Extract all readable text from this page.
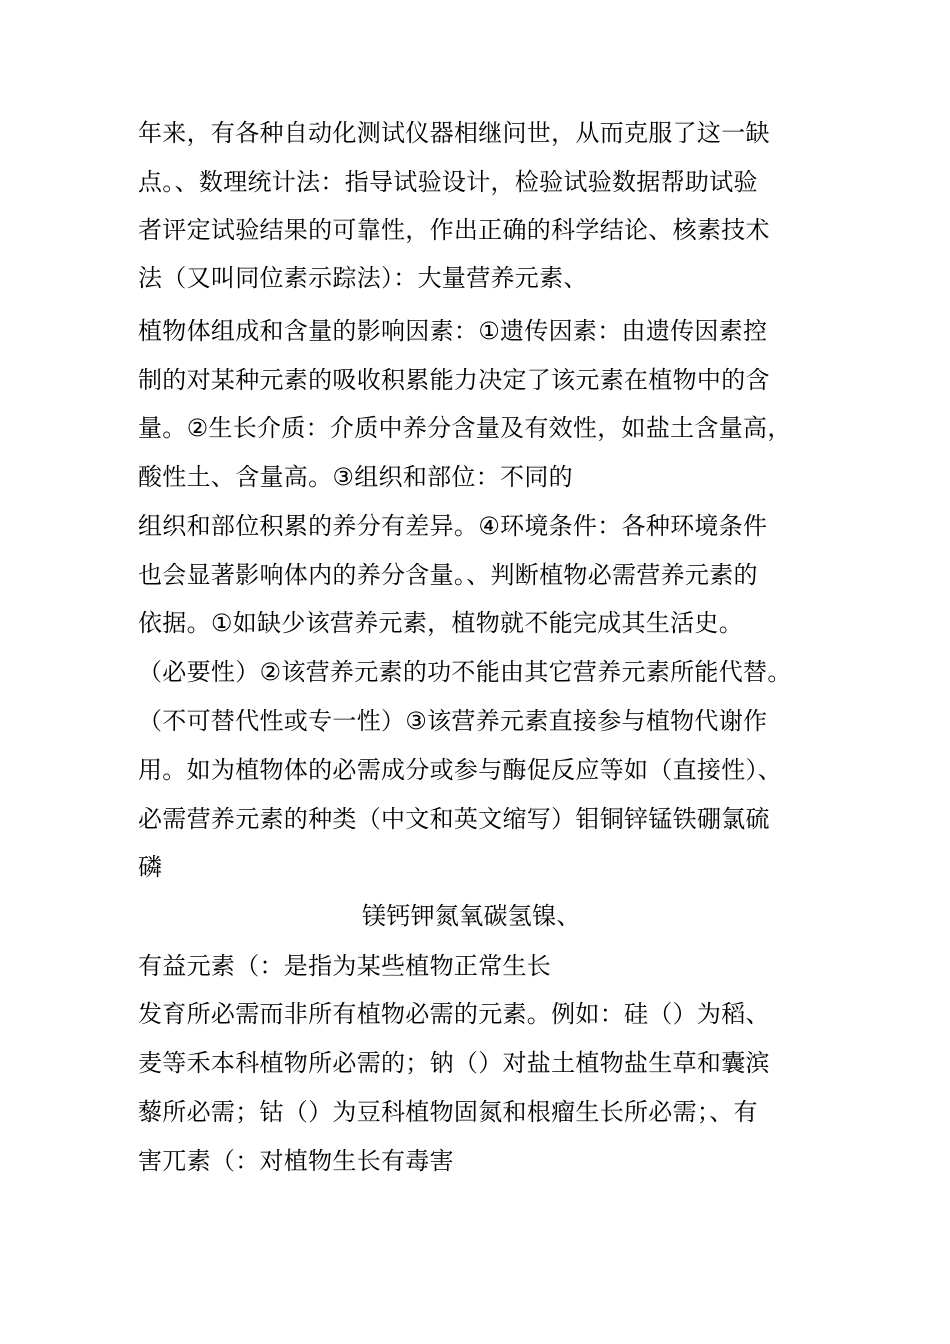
年来，有各种自动化测试仪器相继问世，从而克服了这一缺
点。、数理统计法：指导试验设计，检验试验数据帮助试验
者评定试验结果的可靠性，作出正确的科学结论、核素技术
法（又叫同位素示踪法）：大量营养元素、
植物体组成和含量的影响因素：①遗传因素：由遗传因素控
制的对某种元素的吸收积累能力决定了该元素在植物中的含
量。②生长介质：介质中养分含量及有效性，如盐土含量高，
酸性土、含量高。③组织和部位：不同的
组织和部位积累的养分有差异。④环境条件：各种环境条件
也会显著影响体内的养分含量。、判断植物必需营养元素的
依据。①如缺少该营养元素，植物就不能完成其生活史。
（必要性）②该营养元素的功不能由其它营养元素所能代替。
（不可替代性或专一性）③该营养元素直接参与植物代谢作
用。如为植物体的必需成分或参与酶促反应等如（直接性）、
必需营养元素的种类（中文和英文缩写）钼铜锌锰铁硼氯硫
磷
镁钙钾氮氧碳氢镍、
有益元素（：是指为某些植物正常生长
发育所必需而非所有植物必需的元素。例如：硅（）为稻、
麦等禾本科植物所必需的；钠（）对盐土植物盐生草和囊滨
藜所必需；钴（）为豆科植物固氮和根瘤生长所必需；、有
害兀素（：对植物生长有毒害
